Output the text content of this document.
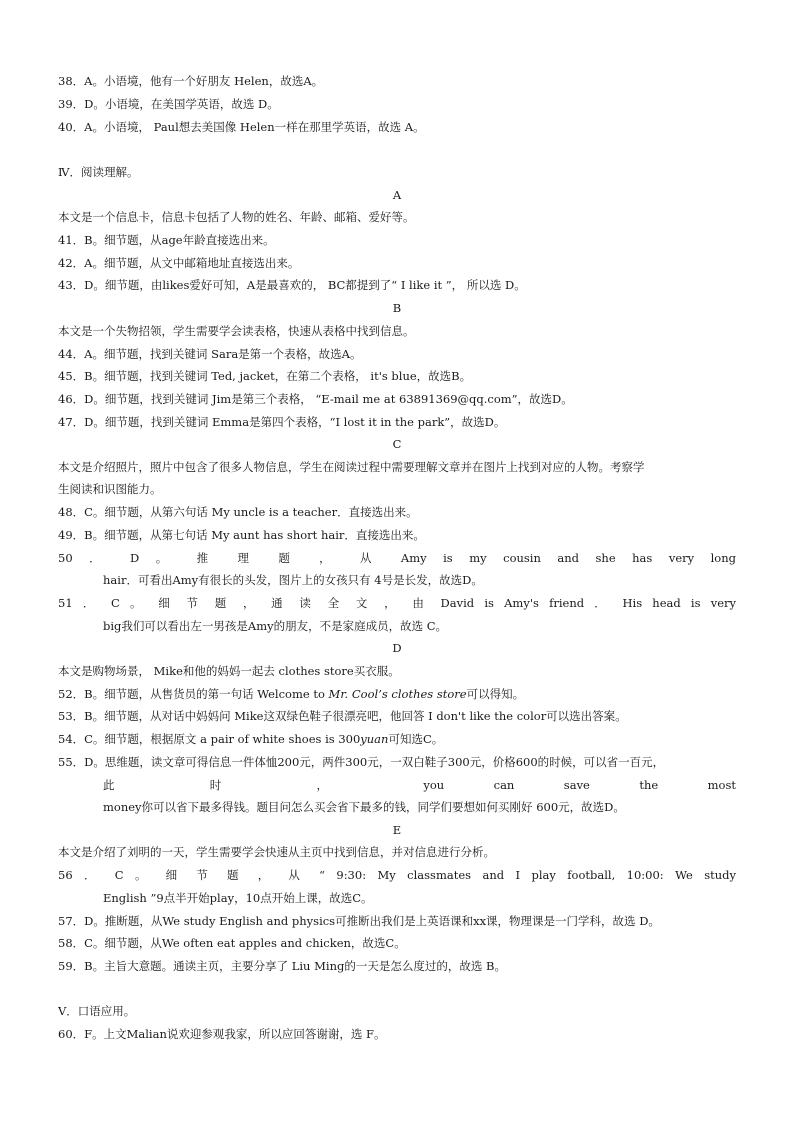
38．A。小语境，他有一个好朋友 Helen，故选A。
39．D。小语境，在美国学英语，故选 D。
40．A。小语境， Paul想去美国像 Helen一样在那里学英语，故选 A。
Ⅳ．阅读理解。
A
本文是一个信息卡，信息卡包括了人物的姓名、年龄、邮箱、爱好等。
41．B。细节题，从age年龄直接选出来。
42．A。细节题，从文中邮箱地址直接选出来。
43．D。细节题，由likes爱好可知，A是最喜欢的， BC都提到了“ I like it ”， 所以选 D。
B
本文是一个失物招领，学生需要学会读表格，快速从表格中找到信息。
44．A。细节题，找到关键词 Sara是第一个表格，故选A。
45．B。细节题，找到关键词 Ted, jacket，在第二个表格， it's blue，故选B。
46．D。细节题，找到关键词 Jim是第三个表格， “E-mail me at 63891369@qq.com”，故选D。
47．D。细节题，找到关键词 Emma是第四个表格，“I lost it in the park”，故选D。
C
本文是介绍照片，照片中包含了很多人物信息，学生在阅读过程中需要理解文章并在图片上找到对应的人物。考察学
生阅读和识图能力。
48．C。细节题，从第六句话 My uncle is a teacher．直接选出来。
49．B。细节题，从第七句话 My aunt has short hair．直接选出来。
50 ． D 。 推 理 题 ， 从 Amy is my cousin and she has very long
hair．可看出Amy有很长的头发，图片上的女孩只有 4号是长发，故选D。
51 ． C 。 细 节 题 ， 通 读 全 文 ， 由 David is Amy's friend ． His head is very
big我们可以看出左一男孩是Amy的朋友，不是家庭成员，故选 C。
D
本文是购物场景， Mike和他的妈妈一起去 clothes store买衣服。
52．B。细节题，从售货员的第一句话 Welcome to Mr. Cool’s clothes store可以得知。
53．B。细节题，从对话中妈妈问 Mike这双绿色鞋子很漂亮吧，他回答 I don't like the color可以选出答案。
54．C。细节题，根据原文 a pair of white shoes is 300yuan可知选C。
55．D。思维题，读文章可得信息一件体恤200元，两件300元，一双白鞋子300元，价格600的时候，可以省一百元，
此 时 ， you can save the most
money你可以省下最多得钱。题目问怎么买会省下最多的钱，同学们要想如何买刚好 600元，故选D。
E
本文是介绍了刘明的一天，学生需要学会快速从主页中找到信息，并对信息进行分析。
56 ． C 。 细 节 题 ， 从 “ 9:30: My classmates and I play football, 10:00: We study
English ”9点半开始play，10点开始上课，故选C。
57．D。推断题，从We study English and physics可推断出我们是上英语课和xx课，物理课是一门学科，故选 D。
58．C。细节题，从We often eat apples and chicken，故选C。
59．B。主旨大意题。通读主页，主要分享了 Liu Ming的一天是怎么度过的，故选 B。
Ⅴ．口语应用。
60．F。上文Malian说欢迎参观我家，所以应回答谢谢，选 F。
